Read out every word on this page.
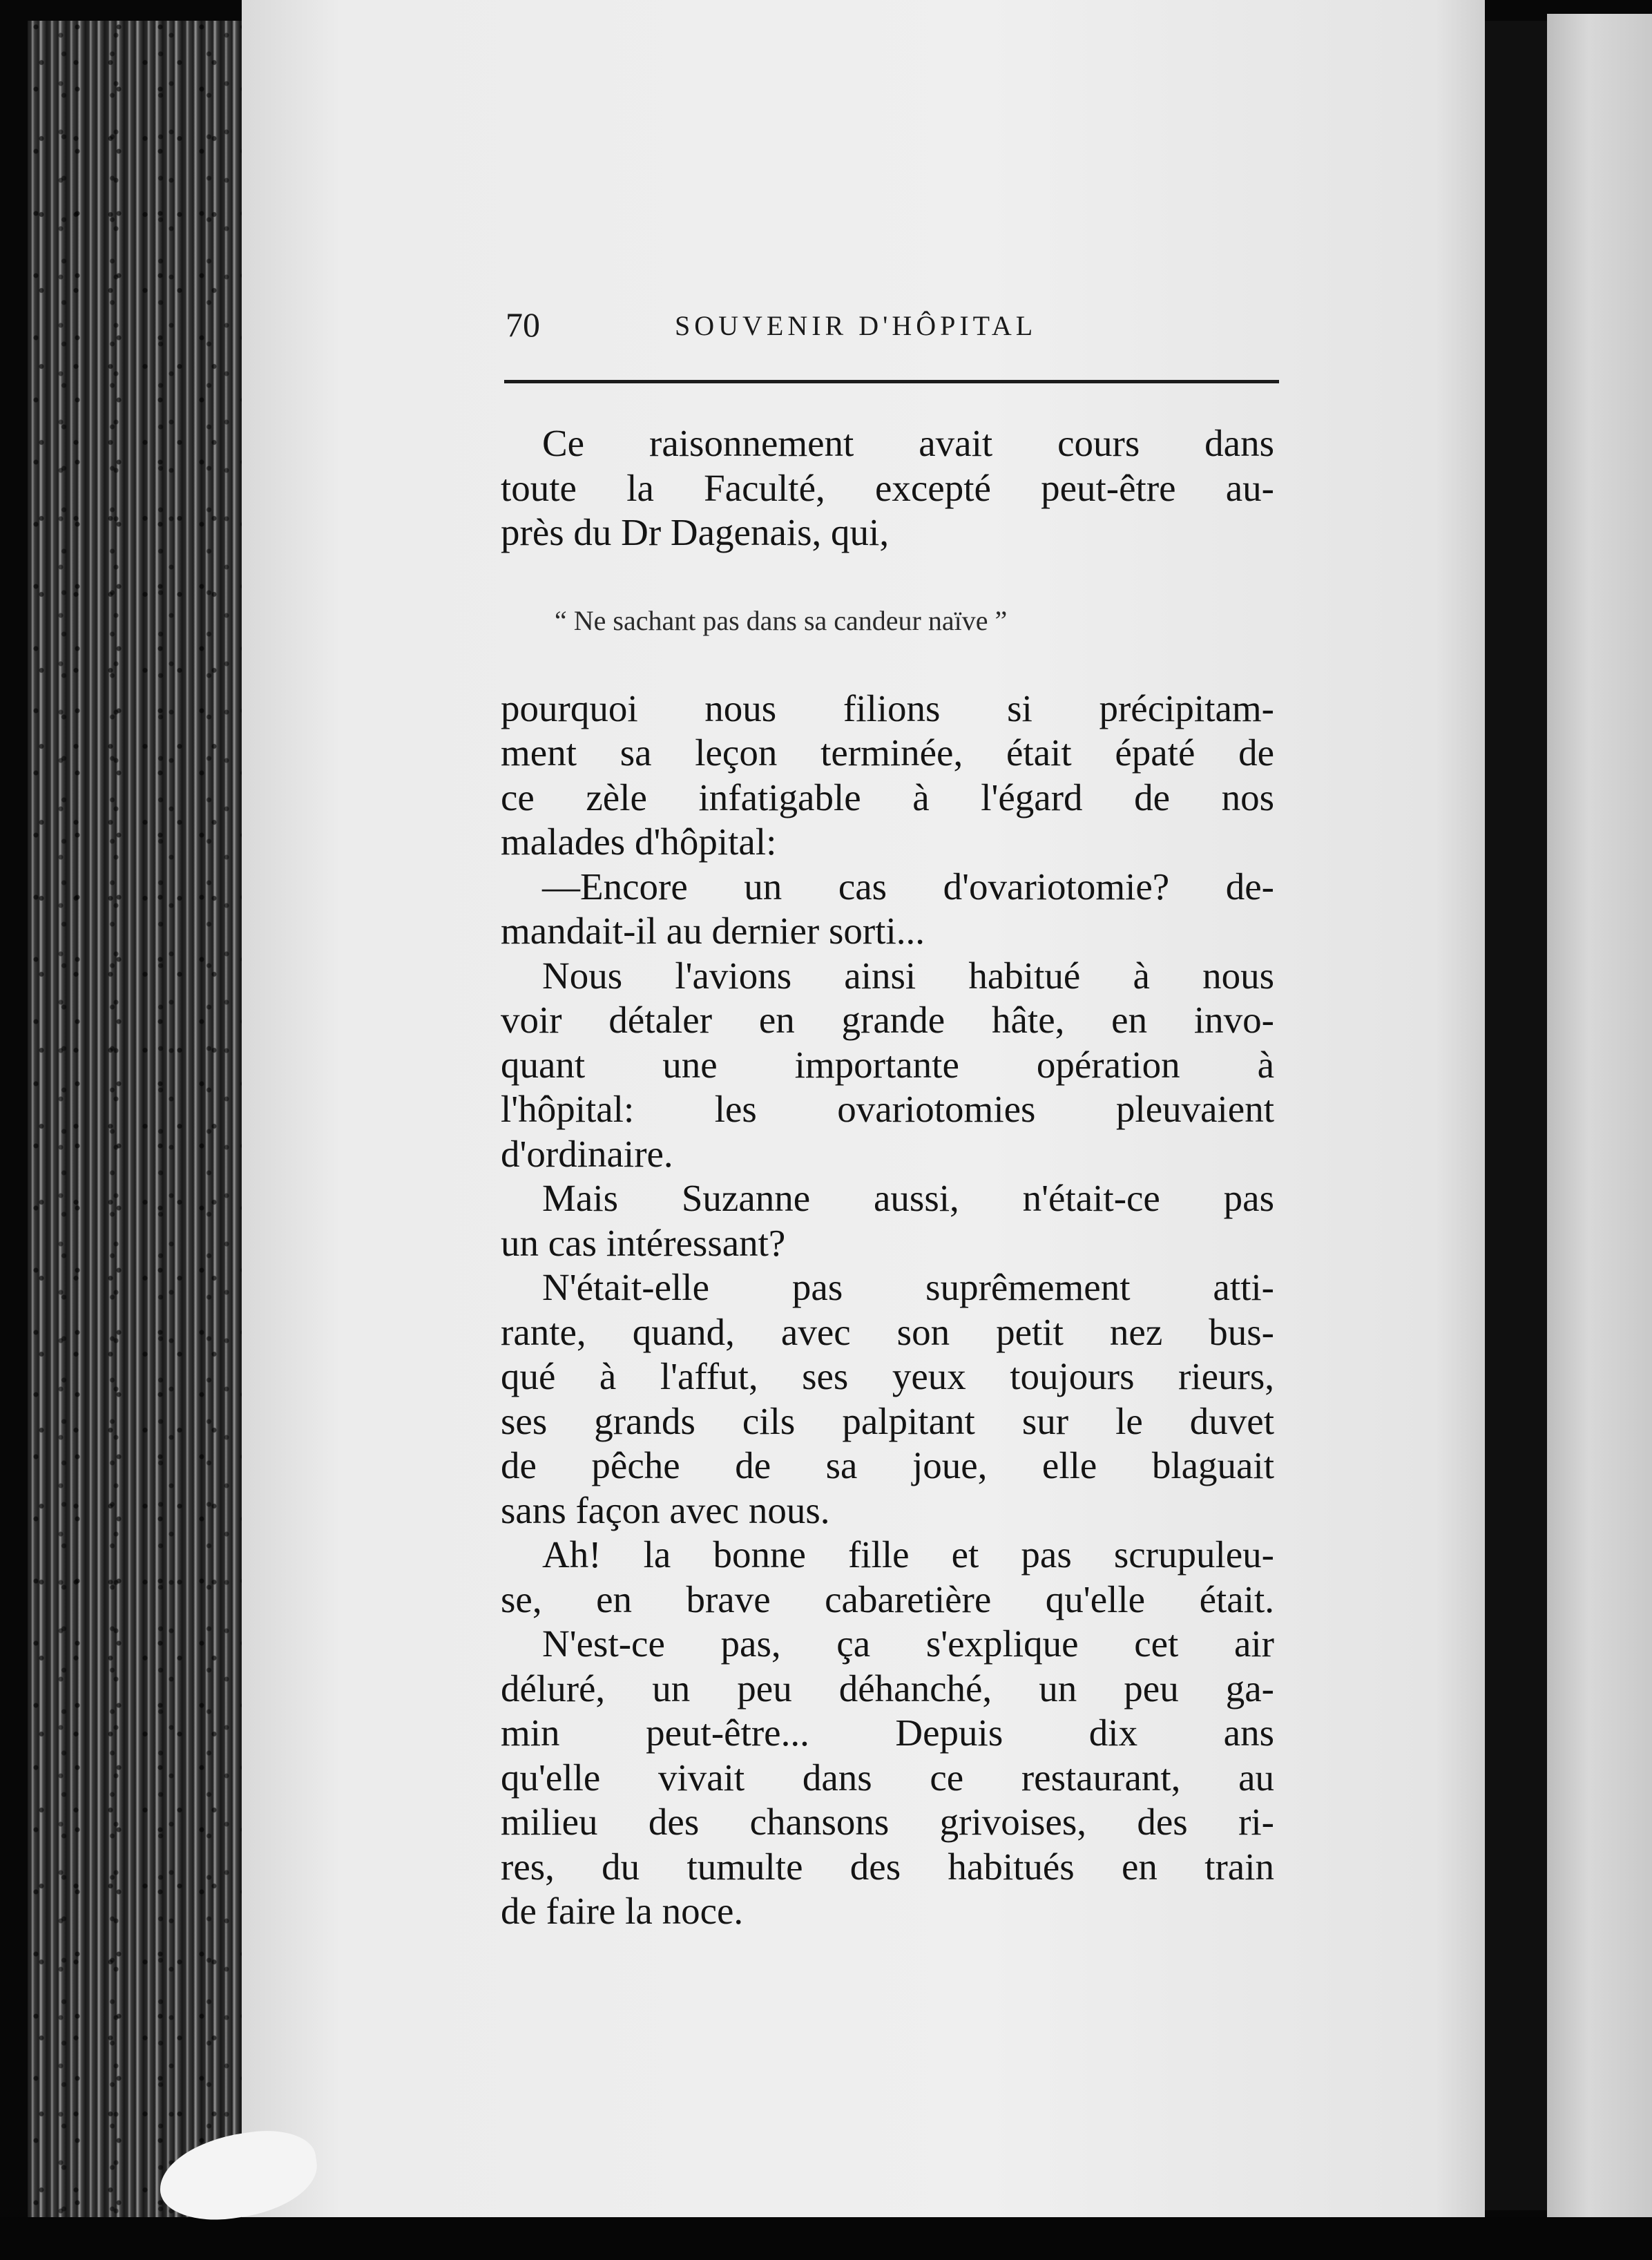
70	SOUVENIR D'HÔPITAL
Ce raisonnement avait cours dans
toute la Faculté, excepté peut-être au-
près du Dr Dagenais, qui,
“ Ne sachant pas dans sa candeur naïve ”
pourquoi nous filions si précipitam-
ment sa leçon terminée, était épaté de
ce zèle infatigable à l'égard de nos
malades d'hôpital:
—Encore un cas d'ovariotomie? de-
mandait-il au dernier sorti...
Nous l'avions ainsi habitué à nous
voir détaler en grande hâte, en invo-
quant une importante opération à
l'hôpital: les ovariotomies pleuvaient
d'ordinaire.
Mais Suzanne aussi, n'était-ce pas
un cas intéressant?
N'était-elle pas suprêmement atti-
rante, quand, avec son petit nez bus-
qué à l'affut, ses yeux toujours rieurs,
ses grands cils palpitant sur le duvet
de pêche de sa joue, elle blaguait
sans façon avec nous.
Ah! la bonne fille et pas scrupuleu-
se, en brave cabaretière qu'elle était.
N'est-ce pas, ça s'explique cet air
déluré, un peu déhanché, un peu ga-
min peut-être... Depuis dix ans
qu'elle vivait dans ce restaurant, au
milieu des chansons grivoises, des ri-
res, du tumulte des habitués en train
de faire la noce.
